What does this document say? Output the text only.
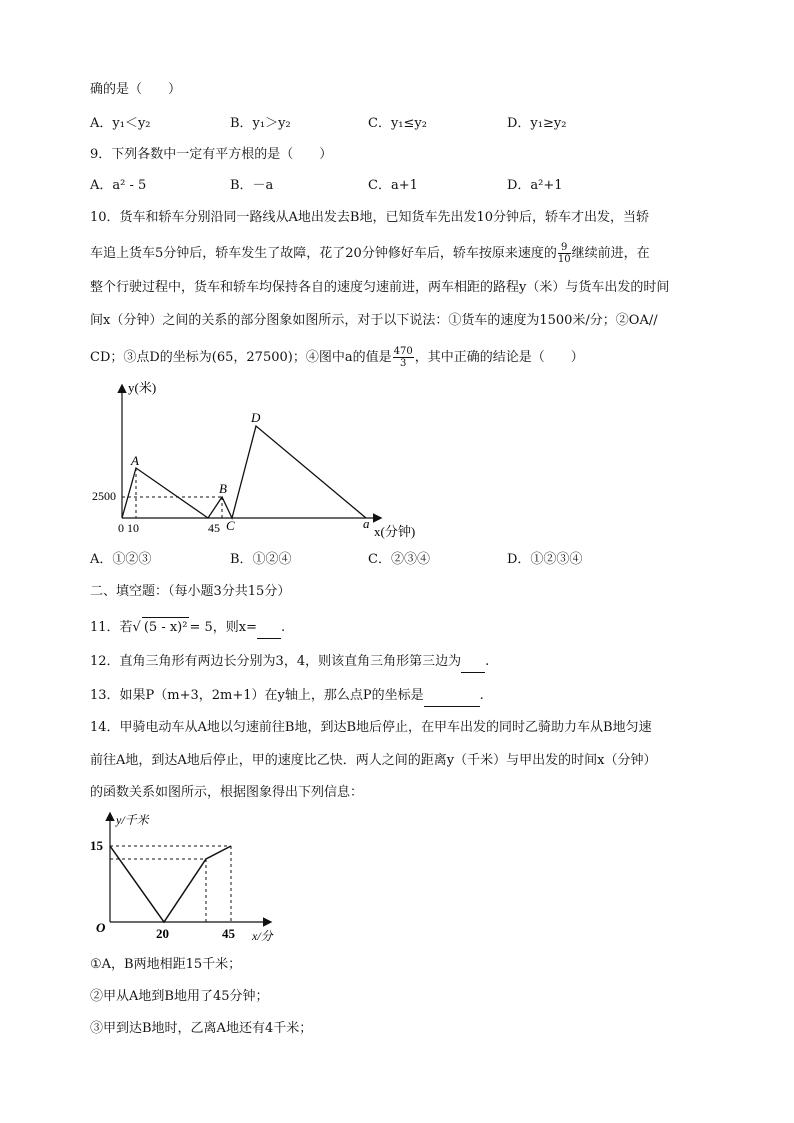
确的是（　　）
A．y₁＜y₂	B．y₁＞y₂	C．y₁≤y₂	D．y₁≥y₂
9．下列各数中一定有平方根的是（　　）
A．a² - 5	B．－a	C．a+1	D．a²+1
10．货车和轿车分别沿同一路线从A地出发去B地，已知货车先出发10分钟后，轿车才出发，当轿
车追上货车5分钟后，轿车发生了故障，花了20分钟修好车后，轿车按原来速度的 $\frac{9}{10}$ 继续前进，在
整个行驶过程中，货车和轿车均保持各自的速度匀速前进，两车相距的路程y（米）与货车出发的时间
间x（分钟）之间的关系的部分图象如图所示，对于以下说法：①货车的速度为1500米/分；②OA//
CD；③点D的坐标为(65，27500)；④图中a的值是 $\frac{470}{3}$ ，其中正确的结论是（　　）
y(米)
x(分钟)
2500
0 10	45
A
B
C
D
a
A．①②③	B．①②④	C．②③④	D．①②③④
二、填空题：（每小题3分共15分）
11．若√ (5 - x)² = 5，则x= .
12．直角三角形有两边长分别为3，4，则该直角三角形第三边为 .
13．如果P（m+3，2m+1）在y轴上，那么点P的坐标是	.
14．甲骑电动车从A地以匀速前往B地，到达B地后停止，在甲车出发的同时乙骑助力车从B地匀速
前往A地，到达A地后停止，甲的速度比乙快．两人之间的距离y（千米）与甲出发的时间x（分钟）
的函数关系如图所示，根据图象得出下列信息：
y/千米
x/分
O
15
20	45
①A，B两地相距15千米；
②甲从A地到B地用了45分钟；
③甲到达B地时，乙离A地还有4千米；
